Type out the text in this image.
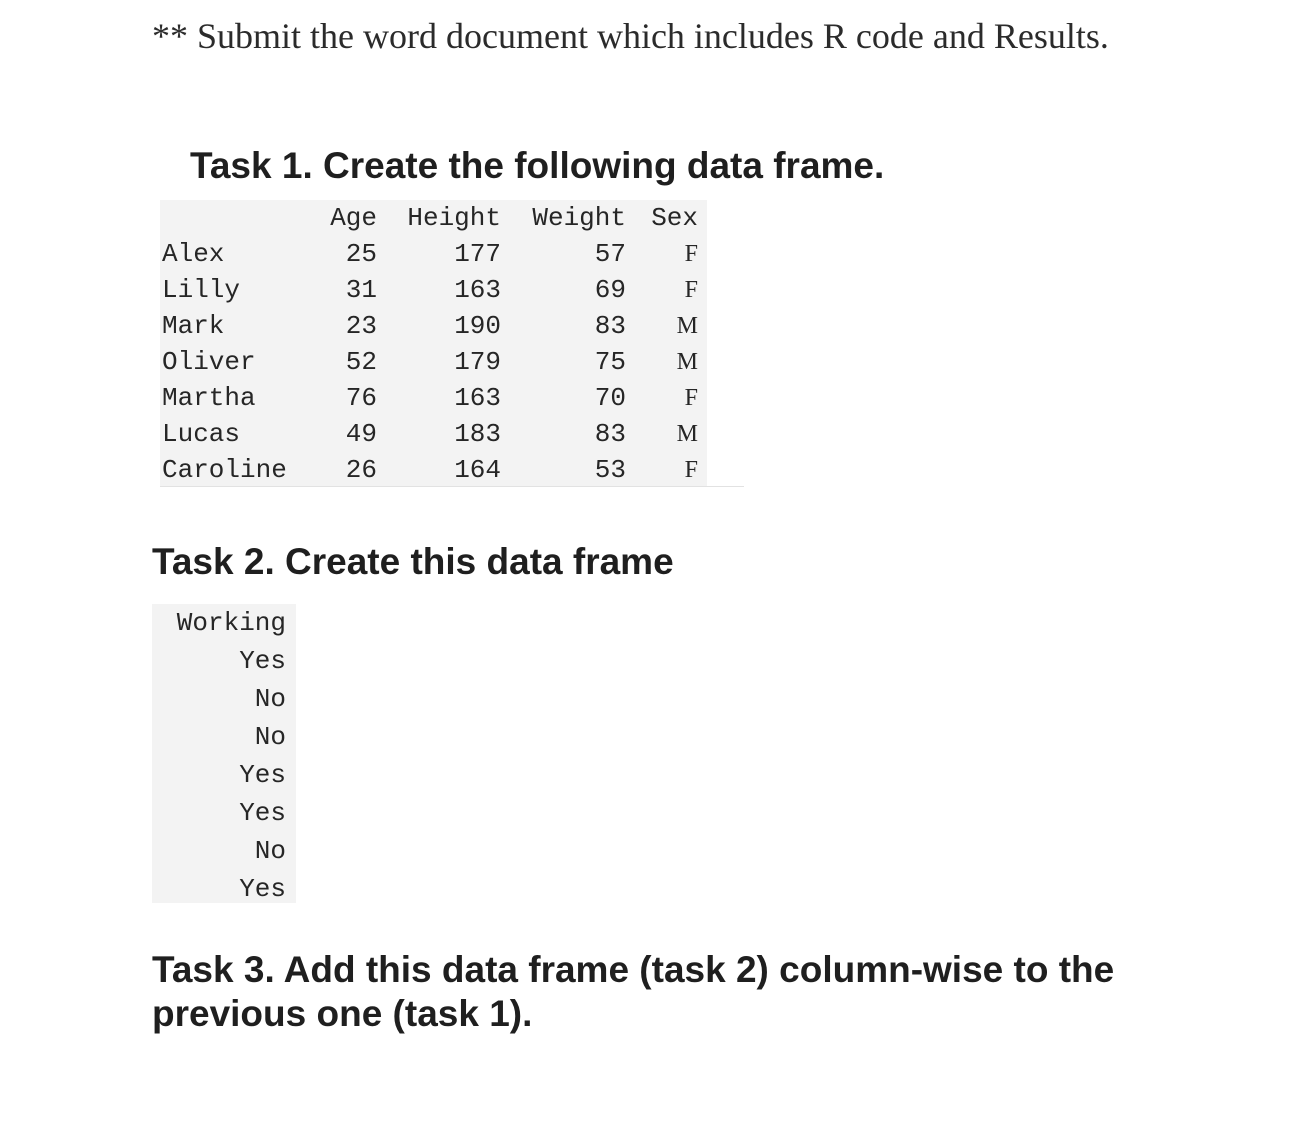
** Submit the word document which includes R code and Results.
Task 1. Create the following data frame.
Age Height Weight Sex
Alex	25	177	57 F
Lilly	31	163	69 F
Mark	23	190	83 M
Oliver	52	179	75 M
Martha	76	163	70 F
Lucas	49	183	83 M
Caroline 26	164	53 F
Task 2. Create this data frame
Working
Yes
No
No
Yes
Yes
No
Yes
Task 3. Add this data frame (task 2) column-wise to the previous one (task 1).
